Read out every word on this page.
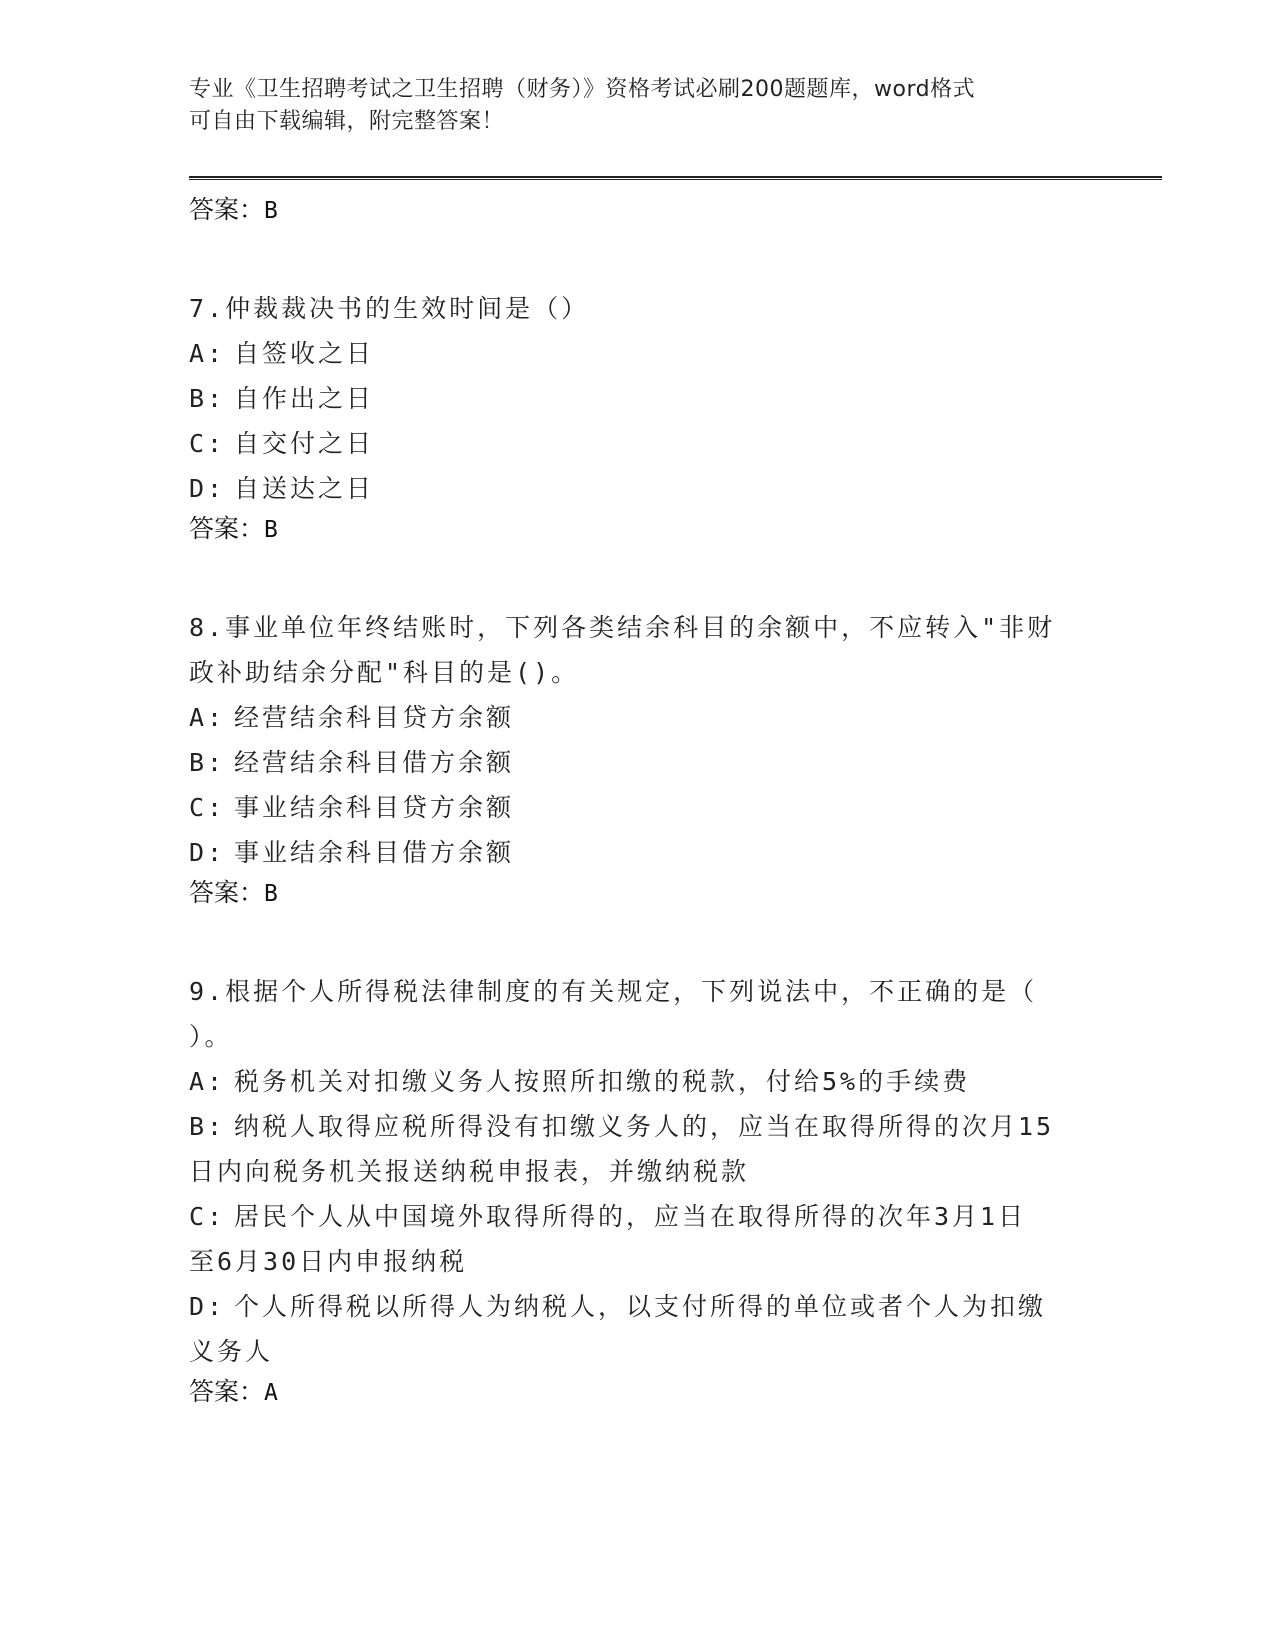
专业《卫生招聘考试之卫生招聘（财务）》资格考试必刷200题题库，word格式
可自由下载编辑，附完整答案！
答案：B
7.仲裁裁决书的生效时间是（）
A: 自签收之日
B: 自作出之日
C: 自交付之日
D: 自送达之日
答案：B
8.事业单位年终结账时，下列各类结余科目的余额中，不应转入"非财
政补助结余分配"科目的是()。
A: 经营结余科目贷方余额
B: 经营结余科目借方余额
C: 事业结余科目贷方余额
D: 事业结余科目借方余额
答案：B
9.根据个人所得税法律制度的有关规定，下列说法中，不正确的是（
）。
A: 税务机关对扣缴义务人按照所扣缴的税款，付给5%的手续费
B: 纳税人取得应税所得没有扣缴义务人的，应当在取得所得的次月15
日内向税务机关报送纳税申报表，并缴纳税款
C: 居民个人从中国境外取得所得的，应当在取得所得的次年3月1日
至6月30日内申报纳税
D: 个人所得税以所得人为纳税人，以支付所得的单位或者个人为扣缴
义务人
答案：A
